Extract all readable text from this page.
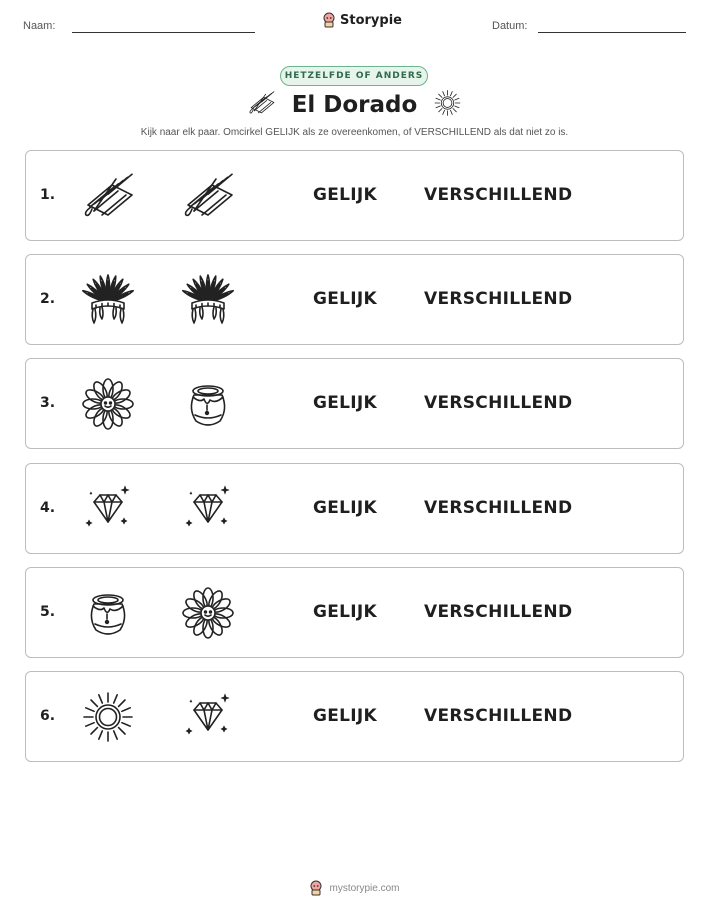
Naam:	Storypie	Datum:
HETZELFDE OF ANDERS
El Dorado
Kijk naar elk paar. Omcirkel GELIJK als ze overeenkomen, of VERSCHILLEND als dat niet zo is.
1.	GELIJK	VERSCHILLEND
2.	GELIJK	VERSCHILLEND
3.	GELIJK	VERSCHILLEND
4.	GELIJK	VERSCHILLEND
5.	GELIJK	VERSCHILLEND
6.	GELIJK	VERSCHILLEND
mystorypie.com
